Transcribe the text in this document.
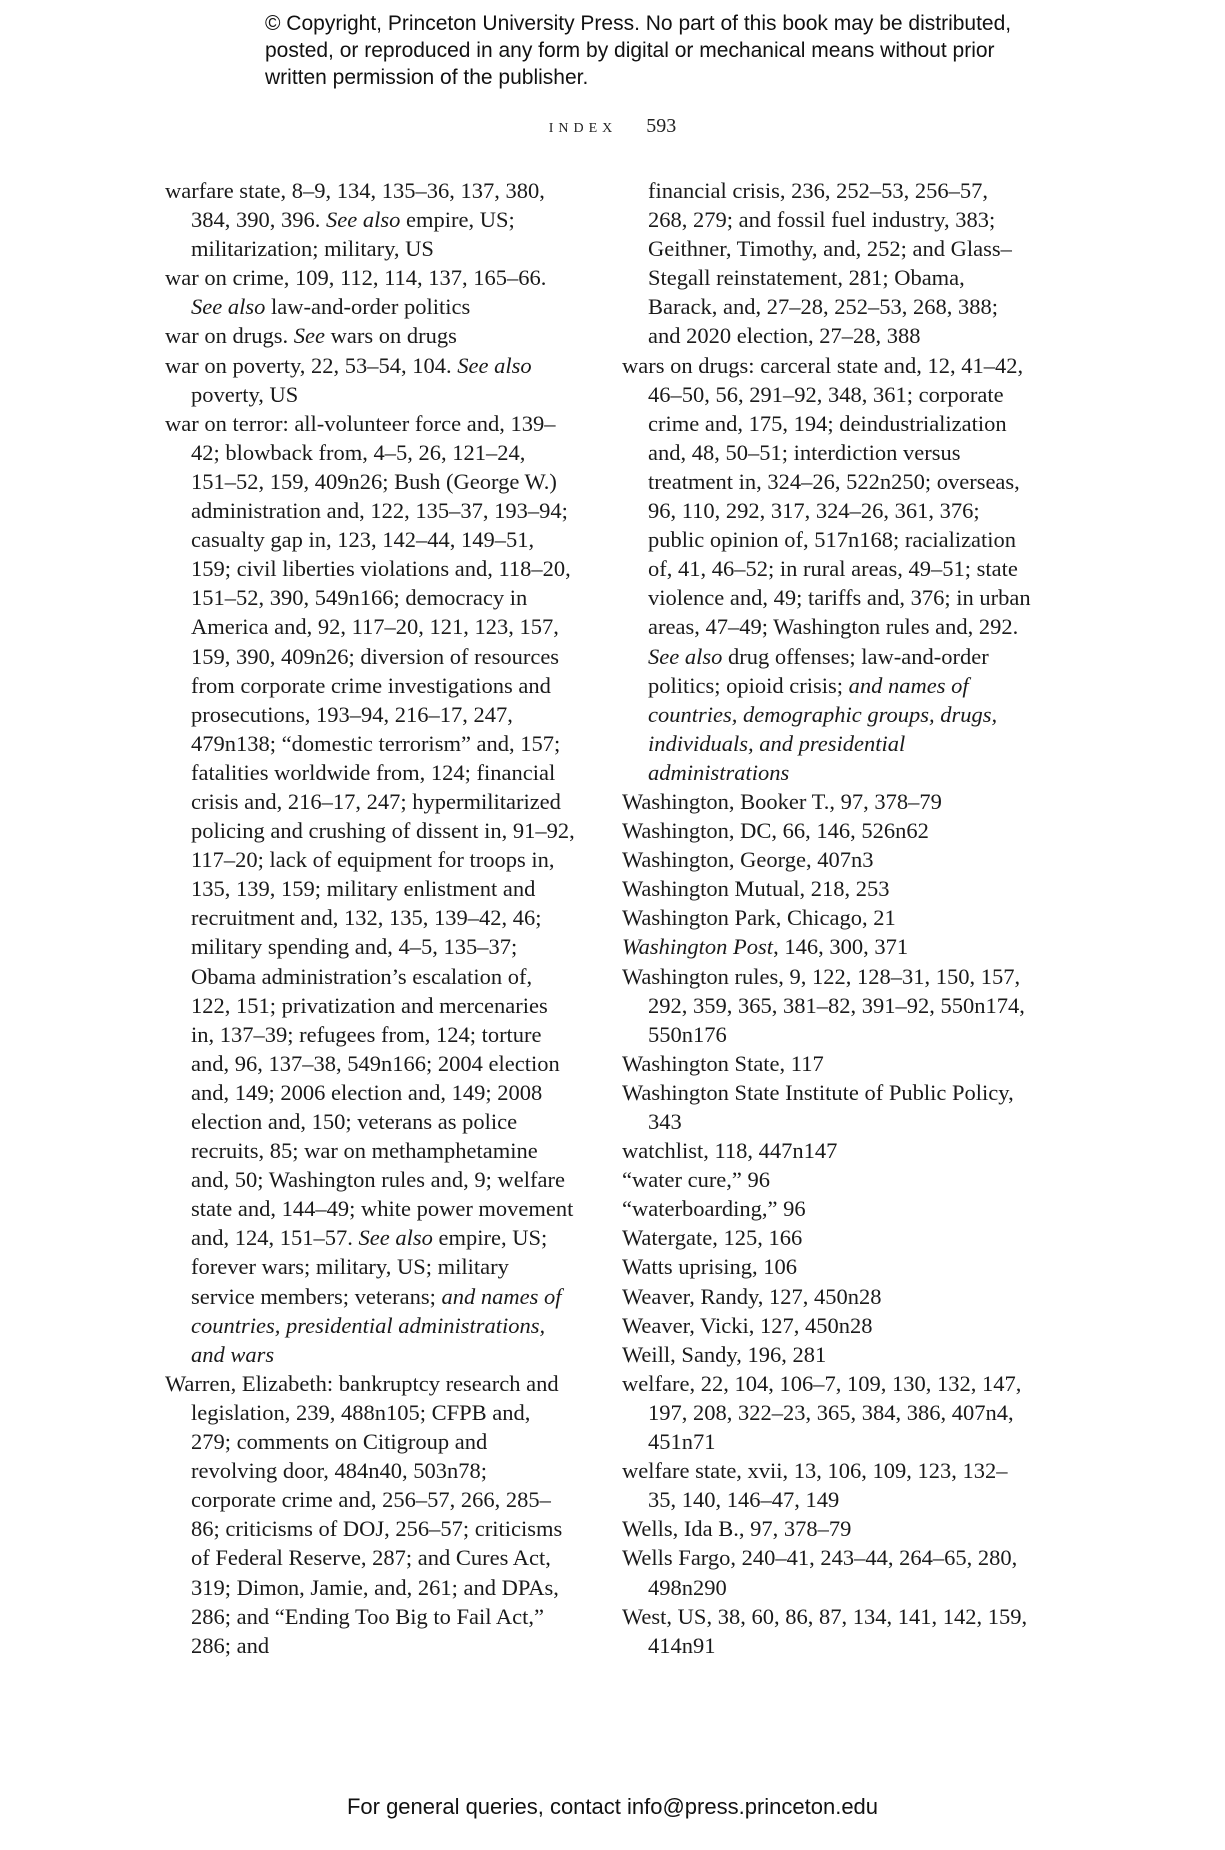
© Copyright, Princeton University Press. No part of this book may be distributed, posted, or reproduced in any form by digital or mechanical means without prior written permission of the publisher.
index 593
warfare state, 8–9, 134, 135–36, 137, 380, 384, 390, 396. See also empire, US; militarization; military, US
war on crime, 109, 112, 114, 137, 165–66. See also law-and-order politics
war on drugs. See wars on drugs
war on poverty, 22, 53–54, 104. See also poverty, US
war on terror: all-volunteer force and, 139–42; blowback from, 4–5, 26, 121–24, 151–52, 159, 409n26; Bush (George W.) administration and, 122, 135–37, 193–94; casualty gap in, 123, 142–44, 149–51, 159; civil liberties violations and, 118–20, 151–52, 390, 549n166; democracy in America and, 92, 117–20, 121, 123, 157, 159, 390, 409n26; diversion of resources from corporate crime investigations and prosecutions, 193–94, 216–17, 247, 479n138; “domestic terrorism” and, 157; fatalities worldwide from, 124; financial crisis and, 216–17, 247; hypermilitarized policing and crushing of dissent in, 91–92, 117–20; lack of equipment for troops in, 135, 139, 159; military enlistment and recruitment and, 132, 135, 139–42, 46; military spending and, 4–5, 135–37; Obama administration’s escalation of, 122, 151; privatization and mercenaries in, 137–39; refugees from, 124; torture and, 96, 137–38, 549n166; 2004 election and, 149; 2006 election and, 149; 2008 election and, 150; veterans as police recruits, 85; war on methamphetamine and, 50; Washington rules and, 9; welfare state and, 144–49; white power movement and, 124, 151–57. See also empire, US; forever wars; military, US; military service members; veterans; and names of countries, presidential administrations, and wars
Warren, Elizabeth: bankruptcy research and legislation, 239, 488n105; CFPB and, 279; comments on Citigroup and revolving door, 484n40, 503n78; corporate crime and, 256–57, 266, 285–86; criticisms of DOJ, 256–57; criticisms of Federal Reserve, 287; and Cures Act, 319; Dimon, Jamie, and, 261; and DPAs, 286; and “Ending Too Big to Fail Act,” 286; and
financial crisis, 236, 252–53, 256–57, 268, 279; and fossil fuel industry, 383; Geithner, Timothy, and, 252; and Glass–Stegall reinstatement, 281; Obama, Barack, and, 27–28, 252–53, 268, 388; and 2020 election, 27–28, 388
wars on drugs: carceral state and, 12, 41–42, 46–50, 56, 291–92, 348, 361; corporate crime and, 175, 194; deindustrialization and, 48, 50–51; interdiction versus treatment in, 324–26, 522n250; overseas, 96, 110, 292, 317, 324–26, 361, 376; public opinion of, 517n168; racialization of, 41, 46–52; in rural areas, 49–51; state violence and, 49; tariffs and, 376; in urban areas, 47–49; Washington rules and, 292. See also drug offenses; law-and-order politics; opioid crisis; and names of countries, demographic groups, drugs, individuals, and presidential administrations
Washington, Booker T., 97, 378–79
Washington, DC, 66, 146, 526n62
Washington, George, 407n3
Washington Mutual, 218, 253
Washington Park, Chicago, 21
Washington Post, 146, 300, 371
Washington rules, 9, 122, 128–31, 150, 157, 292, 359, 365, 381–82, 391–92, 550n174, 550n176
Washington State, 117
Washington State Institute of Public Policy, 343
watchlist, 118, 447n147
“water cure,” 96
“waterboarding,” 96
Watergate, 125, 166
Watts uprising, 106
Weaver, Randy, 127, 450n28
Weaver, Vicki, 127, 450n28
Weill, Sandy, 196, 281
welfare, 22, 104, 106–7, 109, 130, 132, 147, 197, 208, 322–23, 365, 384, 386, 407n4, 451n71
welfare state, xvii, 13, 106, 109, 123, 132–35, 140, 146–47, 149
Wells, Ida B., 97, 378–79
Wells Fargo, 240–41, 243–44, 264–65, 280, 498n290
West, US, 38, 60, 86, 87, 134, 141, 142, 159, 414n91
For general queries, contact info@press.princeton.edu
